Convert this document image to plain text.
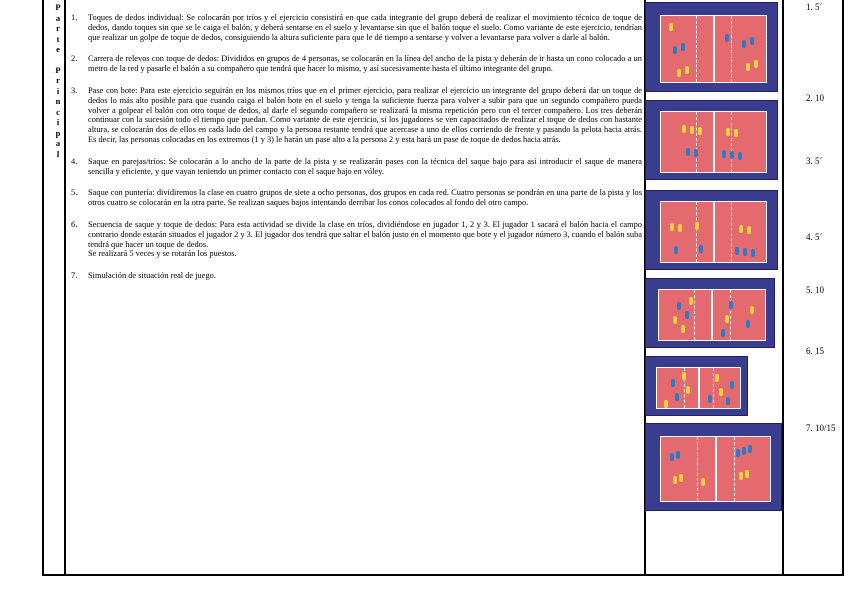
P
a
r
t
e
P
r
i
n
c
i
p
a
l
1. Toques de dedos individual: Se colocarán por tríos y el ejercicio consistirá en que cada integrante del grupo deberá de realizar el movimiento técnico de toque de dedos, dando toques sin que se le caiga el balón, y deberá sentarse en el suelo y levantarse sin que el balón toque el suelo. Como variante de este ejercicio, tendrían que realizar un golpe de toque de dedos, consiguiendo la altura suficiente para que le dé tiempo a sentarse y volver a levantarse para volver a darle al balón.
2. Carrera de relevos con toque de dedos: Divididos en grupos de 4 personas, se colocarán en la línea del ancho de la pista y deberán de ir hasta un cono colocado a un metro de la red y pasarle el balón a su compañero que tendrá que hacer lo mismo, y así sucesivamente hasta el último integrante del grupo.
3. Pase con bote: Para este ejercicio seguirán en los mismos tríos que en el primer ejercicio, para realizar el ejercicio un integrante del grupo deberá dar un toque de dedos lo más alto posible para que cuando caiga el balón bote en el suelo y tenga la suficiente fuerza para volver a subir para que un segundo compañero pueda volver a golpear el balón con otro toque de dedos, al darle el segundo compañero se realizará la misma repetición pero con el tercer compañero. Los tres deberán continuar con la sucesión todo el tiempo que puedan. Como variante de este ejercicio, si los jugadores se ven capacitados de realizar el toque de dedos con bastante altura, se colocarán dos de ellos en cada lado del campo y la persona restante tendrá que acercase a uno de ellos corriendo de frente y pasando la pelota hacia atrás. Es decir, las personas colocadas en los extremos (1 y 3) le harán un pase alto a la persona 2 y esta hará un pase de toque de dedos hacia atrás.
4. Saque en parejas/tríos: Se colocarán a lo ancho de la parte de la pista y se realizarán pases con la técnica del saque bajo para así introducir el saque de manera sencilla y eficiente, y que vayan teniendo un primer contacto con el saque bajo en vóley.
5. Saque con puntería: dividiremos la clase en cuatro grupos de siete a ocho personas, dos grupos en cada red. Cuatro personas se pondrán en una parte de la pista y los otros cuatro se colocarán en la otra parte. Se realizan saques bajos intentando derribar los conos colocados al fondo del otro campo.
6. Secuencia de saque y toque de dedos: Para esta actividad se divide la clase en tríos, dividiéndose en jugador 1, 2 y 3. El jugador 1 sacará el balón hacia el campo contrario donde estarán situados el jugador 2 y 3. El jugador dos tendrá que saltar el balón justo en el momento que bote y el jugador número 3, cuando el balón suba tendrá que hacer un toque de dedos.
Se realizará 5 veces y se rotarán los puestos.
7. Simulación de situación real de juego.
1. 5´
2. 10
´
3. 5´
4. 5´
5. 10
´
6. 15
´
7. 10/15
